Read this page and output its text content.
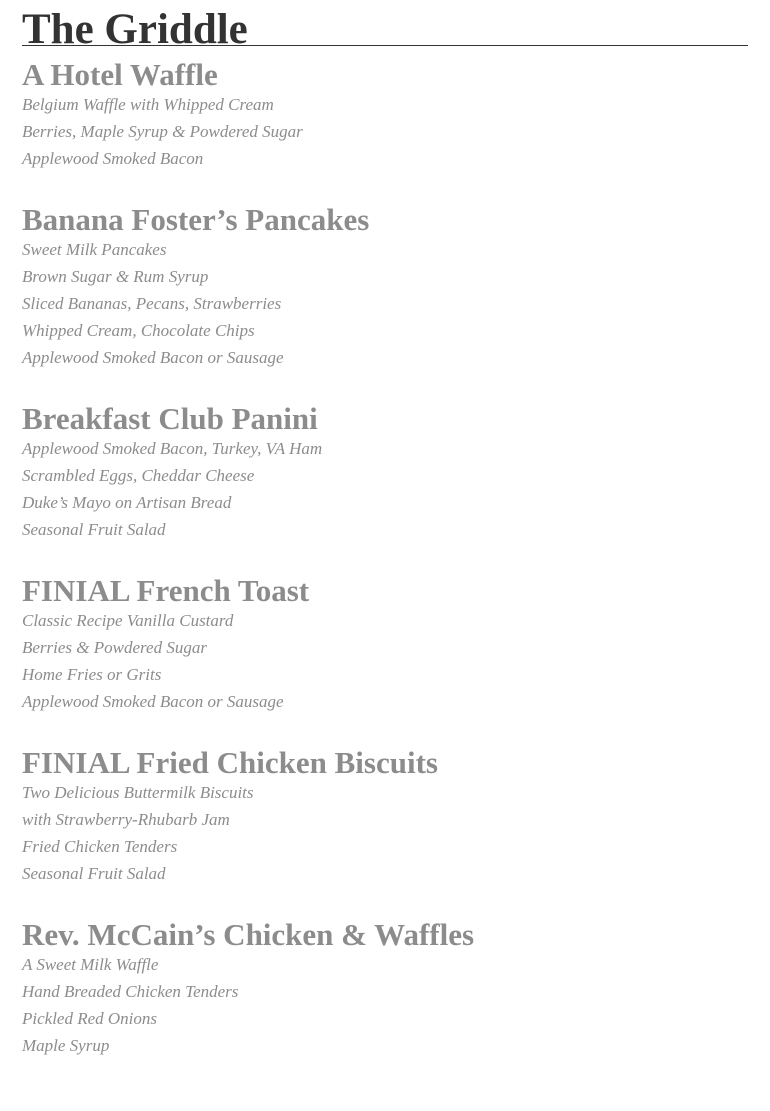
The Griddle
A Hotel Waffle
Belgium Waffle with Whipped Cream
Berries, Maple Syrup & Powdered Sugar
Applewood Smoked Bacon
Banana Foster’s Pancakes
Sweet Milk Pancakes
Brown Sugar & Rum Syrup
Sliced Bananas, Pecans, Strawberries
Whipped Cream, Chocolate Chips
Applewood Smoked Bacon or Sausage
Breakfast Club Panini
Applewood Smoked Bacon, Turkey, VA Ham
Scrambled Eggs, Cheddar Cheese
Duke’s Mayo on Artisan Bread
Seasonal Fruit Salad
FINIAL French Toast
Classic Recipe Vanilla Custard
Berries & Powdered Sugar
Home Fries or Grits
Applewood Smoked Bacon or Sausage
FINIAL Fried Chicken Biscuits
Two Delicious Buttermilk Biscuits
with Strawberry-Rhubarb Jam
Fried Chicken Tenders
Seasonal Fruit Salad
Rev. McCain’s Chicken & Waffles
A Sweet Milk Waffle
Hand Breaded Chicken Tenders
Pickled Red Onions
Maple Syrup
